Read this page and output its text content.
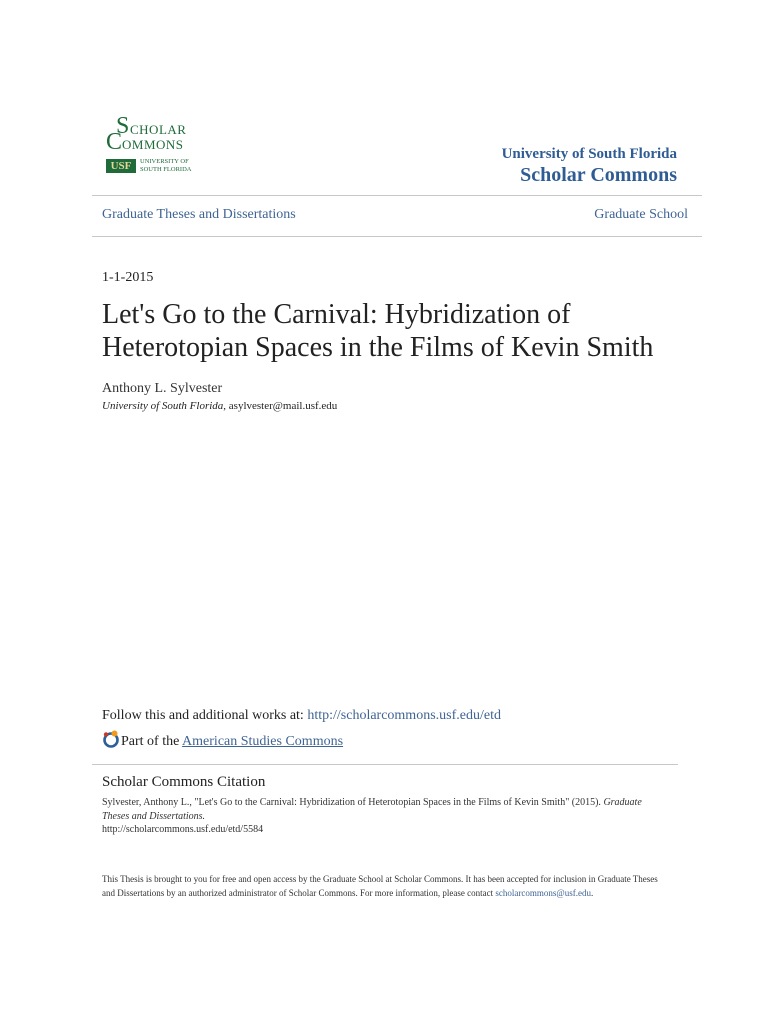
S CHOLAR
C OMMONS
USF	UNIVERSITY OF
SOUTH FLORIDA
University of South Florida
Scholar Commons
Graduate Theses and Dissertations	Graduate School
1-1-2015
Let's Go to the Carnival: Hybridization of Heterotopian Spaces in the Films of Kevin Smith
Anthony L. Sylvester
University of South Florida, asylvester@mail.usf.edu
Follow this and additional works at: http://scholarcommons.usf.edu/etd
Part of the American Studies Commons
Scholar Commons Citation
Sylvester, Anthony L., "Let's Go to the Carnival: Hybridization of Heterotopian Spaces in the Films of Kevin Smith" (2015). Graduate Theses and Dissertations.
http://scholarcommons.usf.edu/etd/5584
This Thesis is brought to you for free and open access by the Graduate School at Scholar Commons. It has been accepted for inclusion in Graduate Theses and Dissertations by an authorized administrator of Scholar Commons. For more information, please contact scholarcommons@usf.edu.
